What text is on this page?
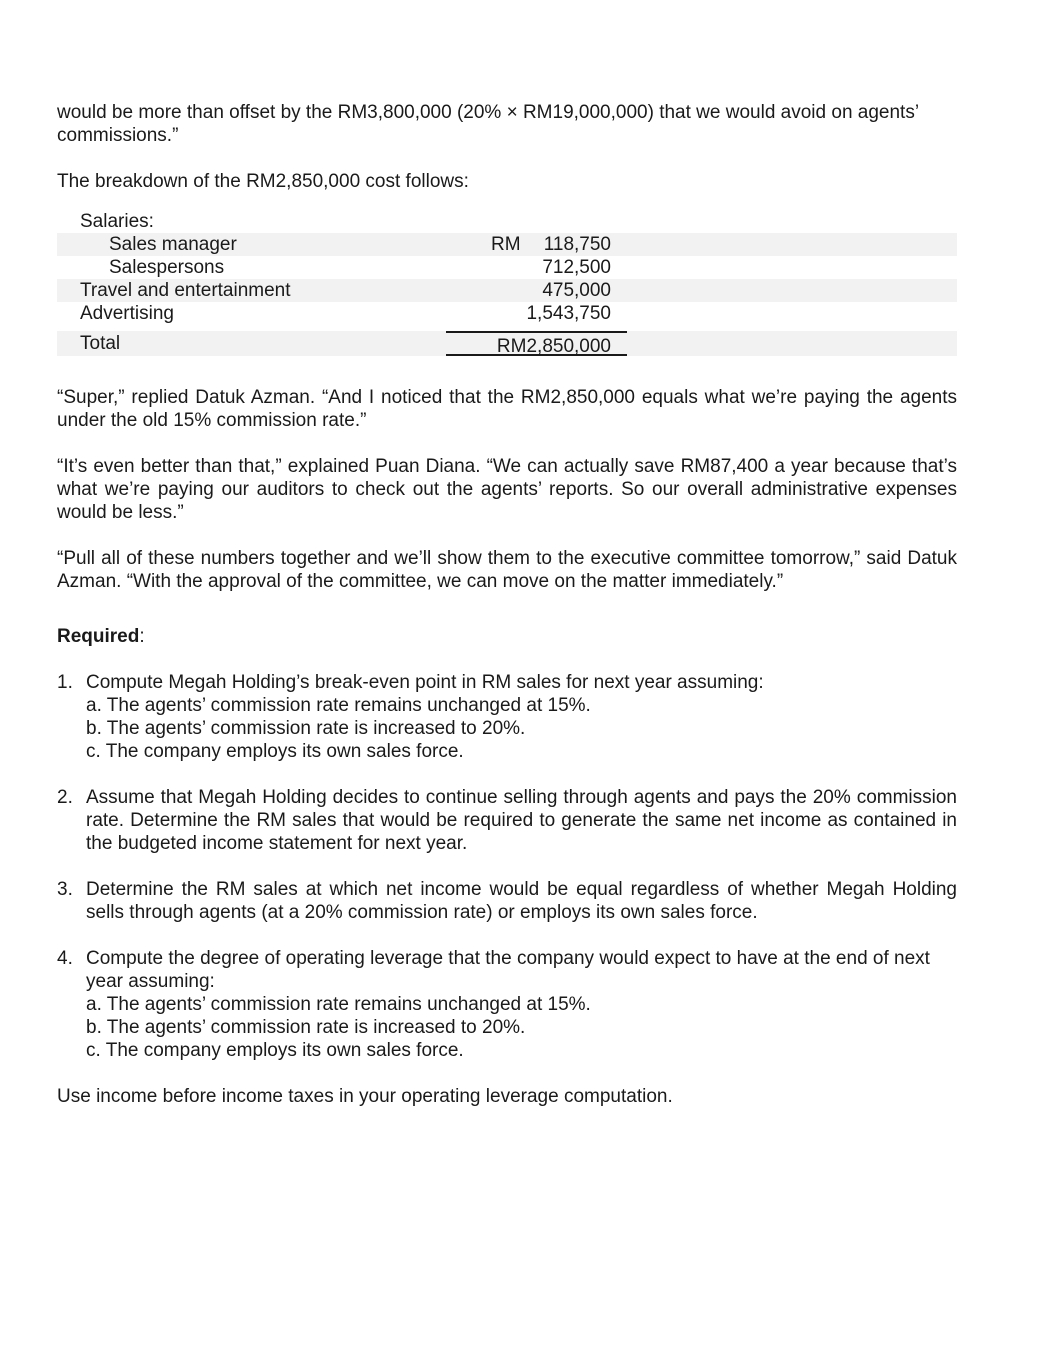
would be more than offset by the RM3,800,000 (20% × RM19,000,000) that we would avoid on agents’ commissions.”

The breakdown of the RM2,850,000 cost follows:

Salaries:
Sales manager	RM	118,750
Salespersons	712,500
Travel and entertainment	475,000
Advertising	1,543,750
Total	RM2,850,000

“Super,” replied Datuk Azman. “And I noticed that the RM2,850,000 equals what we’re paying the agents under the old 15% commission rate.”

“It’s even better than that,” explained Puan Diana. “We can actually save RM87,400 a year because that’s what we’re paying our auditors to check out the agents’ reports. So our overall administrative expenses would be less.”

“Pull all of these numbers together and we’ll show them to the executive committee tomorrow,” said Datuk Azman. “With the approval of the committee, we can move on the matter immediately.”

Required:

1. Compute Megah Holding’s break-even point in RM sales for next year assuming:
a. The agents’ commission rate remains unchanged at 15%.
b. The agents’ commission rate is increased to 20%.
c. The company employs its own sales force.
2. Assume that Megah Holding decides to continue selling through agents and pays the 20% commission rate. Determine the RM sales that would be required to generate the same net income as contained in the budgeted income statement for next year.
3. Determine the RM sales at which net income would be equal regardless of whether Megah Holding sells through agents (at a 20% commission rate) or employs its own sales force.
4. Compute the degree of operating leverage that the company would expect to have at the end of next year assuming:
a. The agents’ commission rate remains unchanged at 15%.
b. The agents’ commission rate is increased to 20%.
c. The company employs its own sales force.

Use income before income taxes in your operating leverage computation.
